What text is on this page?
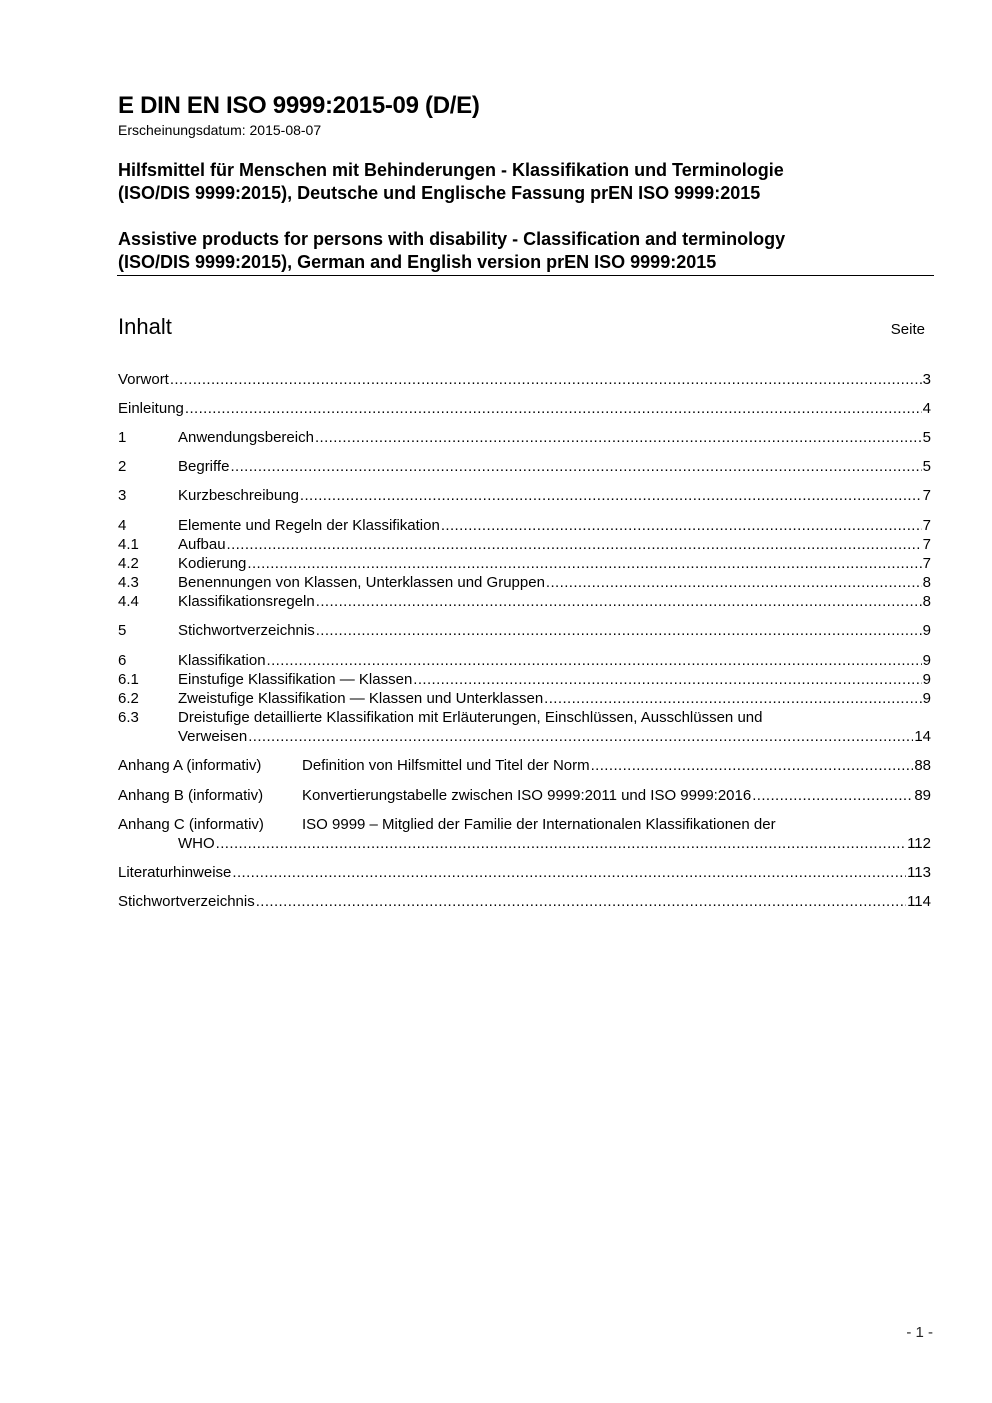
E DIN EN ISO 9999:2015-09 (D/E)
Erscheinungsdatum: 2015-08-07
Hilfsmittel für Menschen mit Behinderungen - Klassifikation und Terminologie
(ISO/DIS 9999:2015), Deutsche und Englische Fassung prEN ISO 9999:2015
Assistive products for persons with disability - Classification and terminology
(ISO/DIS 9999:2015), German and English version prEN ISO 9999:2015
Inhalt	Seite
Vorwort .....	3
Einleitung .....	4
1	Anwendungsbereich .....	5
2	Begriffe .....	5
3	Kurzbeschreibung .....	7
4	Elemente und Regeln der Klassifikation .....	7
4.1	Aufbau .....	7
4.2	Kodierung .....	7
4.3	Benennungen von Klassen, Unterklassen und Gruppen .....	8
4.4	Klassifikationsregeln .....	8
5	Stichwortverzeichnis .....	9
6	Klassifikation .....	9
6.1	Einstufige Klassifikation — Klassen .....	9
6.2	Zweistufige Klassifikation — Klassen und Unterklassen .....	9
6.3	Dreistufige detaillierte Klassifikation mit Erläuterungen, Einschlüssen, Ausschlüssen und
Verweisen .....	14
Anhang A (informativ)	Definition von Hilfsmittel und Titel der Norm .....	88
Anhang B (informativ)	Konvertierungstabelle zwischen ISO 9999:2011 und ISO 9999:2016 .....	89
Anhang C (informativ)	ISO 9999 – Mitglied der Familie der Internationalen Klassifikationen der
WHO .....	112
Literaturhinweise .....	113
Stichwortverzeichnis .....	114
- 1 -
